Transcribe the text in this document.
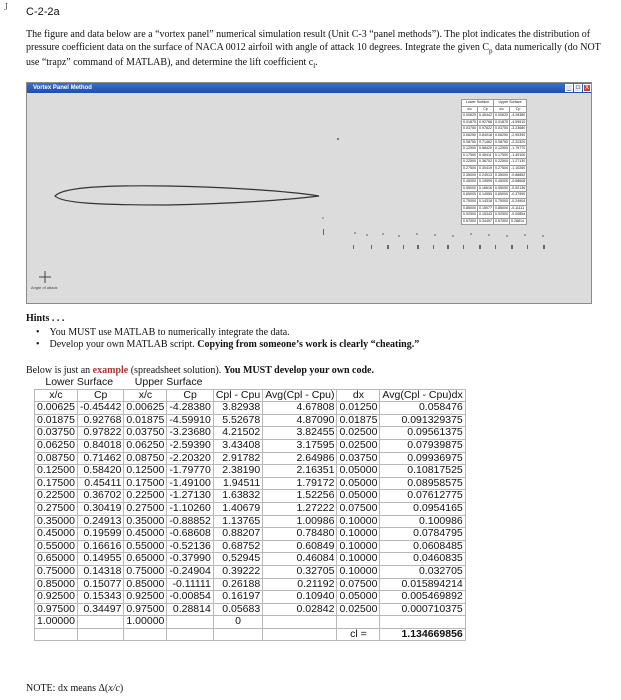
J C-2-2a
The figure and data below are a “vortex panel” numerical simulation result (Unit C-3 “panel methods”). The plot indicates the distribution of pressure coefficient data on the surface of NACA 0012 airfoil with angle of attack 10 degrees. Integrate the given $C_p$ data numerically (do NOT use “trapz” command of MATLAB), and determine the lift coefficient $c_l$.
Vortex Panel Method	_ □ X
Lower Surface		Upper Surface	
x/c	Cp	x/c	Cp
0.00625	0.45442	0.00625	-4.28380
0.01875	0.92768	0.01875	-4.59910
0.03750	0.97822	0.03750	-3.23680
0.06250	0.84018	0.06250	-2.59390
0.08750	0.71462	0.08750	-2.20320
0.12500	0.58420	0.12500	-1.79770
0.17500	0.45411	0.17500	-1.49100
0.22500	0.36702	0.22500	-1.27130
0.27500	0.30419	0.27500	-1.10260
0.35000	0.24913	0.35000	-0.88852
0.45000	0.19599	0.45000	-0.68608
0.55000	0.16616	0.55000	-0.52136
0.65000	0.14955	0.65000	-0.37990
0.75000	0.14318	0.75000	-0.24904
0.85000	0.15077	0.85000	-0.11111
0.92500	0.15343	0.92500	-0.00854
0.97500	0.34497	0.97500	0.28814
Angle of attack
Hints . . .
•    You MUST use MATLAB to numerically integrate the data.
•    Develop your own MATLAB script. Copying from someone’s work is clearly “cheating.”
Below is just an example (spreadsheet solution). You MUST develop your own code.
Lower Surface		Upper Surface					
x/c	Cp	x/c	Cp	Cpl - Cpu	Avg(Cpl - Cpu)	dx	Avg(Cpl - Cpu)dx
0.00625	-0.45442	0.00625	-4.28380	3.82938	4.67808	0.01250	0.058476
0.01875	0.92768	0.01875	-4.59910	5.52678	4.87090	0.01875	0.091329375
0.03750	0.97822	0.03750	-3.23680	4.21502	3.82455	0.02500	0.09561375
0.06250	0.84018	0.06250	-2.59390	3.43408	3.17595	0.02500	0.07939875
0.08750	0.71462	0.08750	-2.20320	2.91782	2.64986	0.03750	0.09936975
0.12500	0.58420	0.12500	-1.79770	2.38190	2.16351	0.05000	0.10817525
0.17500	0.45411	0.17500	-1.49100	1.94511	1.79172	0.05000	0.08958575
0.22500	0.36702	0.22500	-1.27130	1.63832	1.52256	0.05000	0.07612775
0.27500	0.30419	0.27500	-1.10260	1.40679	1.27222	0.07500	0.0954165
0.35000	0.24913	0.35000	-0.88852	1.13765	1.00986	0.10000	0.100986
0.45000	0.19599	0.45000	-0.68608	0.88207	0.78480	0.10000	0.0784795
0.55000	0.16616	0.55000	-0.52136	0.68752	0.60849	0.10000	0.0608485
0.65000	0.14955	0.65000	-0.37990	0.52945	0.46084	0.10000	0.0460835
0.75000	0.14318	0.75000	-0.24904	0.39222	0.32705	0.10000	0.032705
0.85000	0.15077	0.85000	-0.11111	0.26188	0.21192	0.07500	0.015894214
0.92500	0.15343	0.92500	-0.00854	0.16197	0.10940	0.05000	0.005469892
0.97500	0.34497	0.97500	0.28814	0.05683	0.02842	0.02500	0.000710375
1.00000		1.00000		0			
						cl =	1.134669856
NOTE: dx means Δ(x/c)
